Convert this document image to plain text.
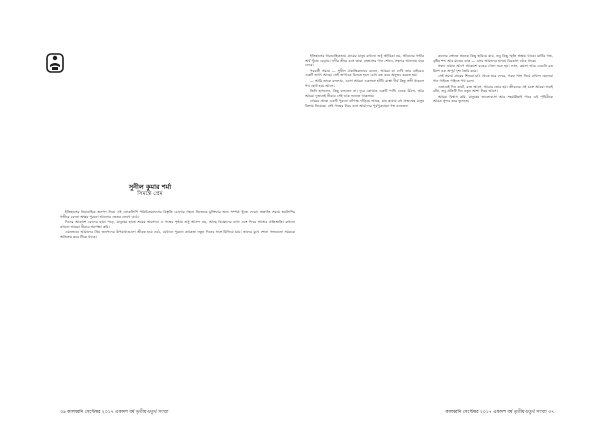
সুনীল কুমার শর্মা
সিমন্তে প্রেম

ইতিহাসের ধারাবাহিক জনপদ নিয়ে এই লোকলিপি পরিচিতমানসের বিস্তৃতি চোখের গহনে নিজেকে মুক্তিবার জন্য সম্পর্ক খুঁজে ফেরা। অন্তর্গত সময়ে স্বরলিপির গভীরে বেদনা অক্ষর পুরনো আলোর ভেতর জেগে ওঠে।

দিনের আকাশে রোদের ছায়া পড়ে, মানুষের হাতে শ্রমের অবসান। এ গল্পের পৃষ্ঠায় শুধু আনন্দ নয়, আছে বিচ্ছেদের ব্যথা এবং ফিরে আসার প্রতিশ্রুতি। কখনো কখনো আমরা নীরবে অপেক্ষা করি।

এমনভাবে আমাদের প্রিয় জনপদের উপকথাগুলো জীবন্ত হয়ে ওঠে, যেখানে পুরনো কথকতা নতুন দিনের সঙ্গে মিলিয়ে যায়। তাদের মুখে শোনা গল্পগুলো সময়কে অতিক্রম করে টিকে থাকে।

ইতিহাসের ধারাবাহিকতায় গ্রামের মানুষ কখনো শুধু জীবিকা নয়, জীবনের গভীর অর্থ খুঁজে বেড়ায়। নদীর তীরে বসে তারা বাতাসের গান শোনে, সন্ধ্যার আলোয় ঘরে ফেরে।

পরবর্তী সময়ে — সুনীল ঐকান্তিকভাবে বলেন, আমরা যা দেখি তার বাইরেও একটি জগৎ আছে। সেই জগৎকে চিনতে হলে চোখ বন্ধ করে অনুভব করতে হয়।

— আমি তাকে বললাম, এসো আমরা একসঙ্গে হাঁটি। রাস্তা দীর্ঘ কিন্তু সঙ্গী থাকলে পথ ছোট হয়ে আসে।

তিনি হাসলেন, কিছু বললেন না। দূরে কোথাও একটি পাখি ডেকে উঠল, আর আমরা দুজনেই নীরবে সেই ডাক শুনতে থাকলাম।

গ্রামের প্রান্তে একটি পুরনো বটগাছ দাঁড়িয়ে আছে, যার ছায়ায় বহু প্রজন্মের মানুষ বিশ্রাম নিয়েছে। সেই গাছের নিচে বসে আমাদের পূর্বপুরুষেরা গল্প বলতেন।

কালের স্রোতে অনেক কিছু হারিয়ে যায়, তবু কিছু স্মৃতি অক্ষয় থাকে। মাটির গন্ধ, বৃষ্টির শব্দ আর মায়ের ডাক — এসব আমাদের হৃদয়ে চিরকাল বেঁচে থাকে।

সন্ধ্যা নামার আগে আকাশে রঙের খেলা শুরু হয়। লাল, কমলা আর বেগুনি রঙ মিশে এক অপূর্ব দৃশ্য তৈরি করে।

সেই সময়ে গ্রামের শিশুরা মাঠ থেকে ঘরে ফেরে, গরুর পাল নিয়ে রাখাল ছেলেরা গান গাইতে গাইতে পথ চলে।

এভাবেই দিন কাটে, রাত আসে, আবার ভোর হয়। জীবনের এই চক্রে আমরা সবাই বাঁধা, তবু প্রতিটি দিন নতুন আশা নিয়ে আসে।

আমরা বিশ্বাস করি, মানুষের ভালোবাসা আর সহমর্মিতাই পারে এই পৃথিবীকে আরও সুন্দর করে তুলতে।

৩৬ কালধ্বনি সেপ্টেম্বর ২০১৭ একাদশ বর্ষ তৃতীয়-চতুর্থ সংখ্যা	কালধ্বনি সেপ্টেম্বর ২০১৭ একাদশ বর্ষ তৃতীয়-চতুর্থ সংখ্যা ৩৭
